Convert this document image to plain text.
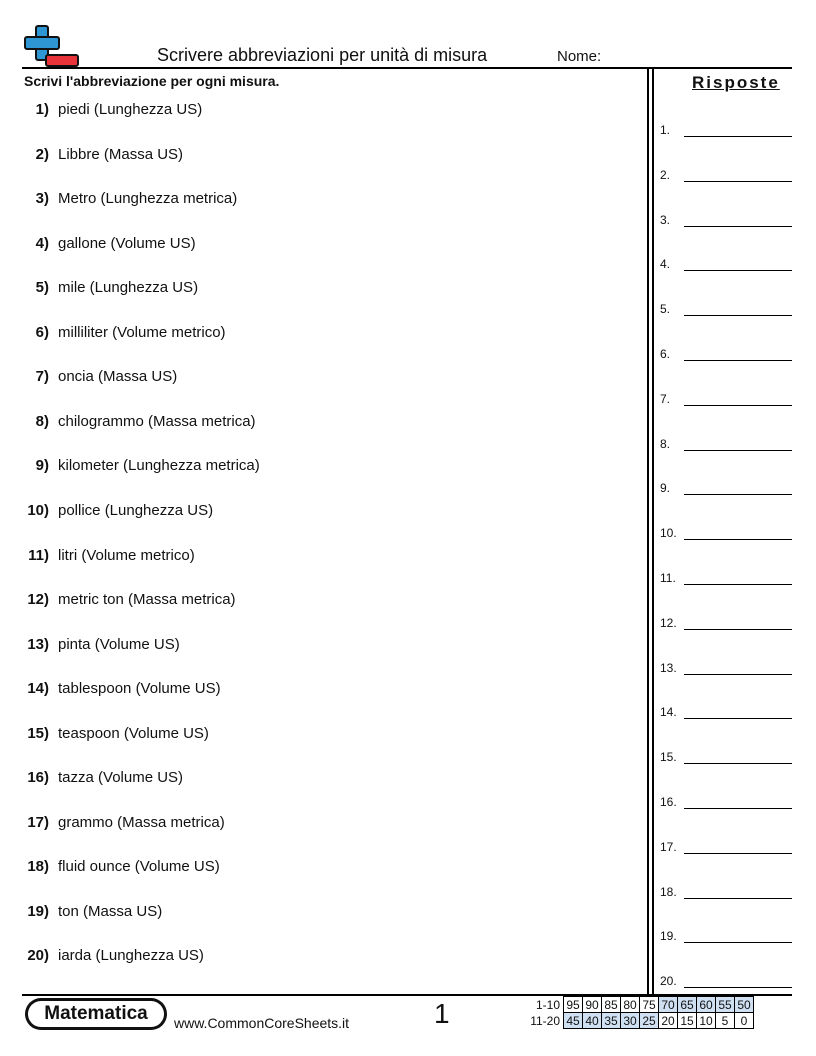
Scrivere abbreviazioni per unità di misura	Nome:
Scrivi l'abbreviazione per ogni misura.	Risposte
1) piedi (Lunghezza US)
2) Libbre (Massa US)
3) Metro (Lunghezza metrica)
4) gallone (Volume US)
5) mile (Lunghezza US)
6) milliliter (Volume metrico)
7) oncia (Massa US)
8) chilogrammo (Massa metrica)
9) kilometer (Lunghezza metrica)
10) pollice (Lunghezza US)
11) litri (Volume metrico)
12) metric ton (Massa metrica)
13) pinta (Volume US)
14) tablespoon (Volume US)
15) teaspoon (Volume US)
16) tazza (Volume US)
17) grammo (Massa metrica)
18) fluid ounce (Volume US)
19) ton (Massa US)
20) iarda (Lunghezza US)
1.
2.
3.
4.
5.
6.
7.
8.
9.
10.
11.
12.
13.
14.
15.
16.
17.
18.
19.
20.
Matematica	www.CommonCoreSheets.it	1	1-10	95	90	85	80	75	70	65	60	55	50
11-20	45	40	35	30	25	20	15	10	5	0
